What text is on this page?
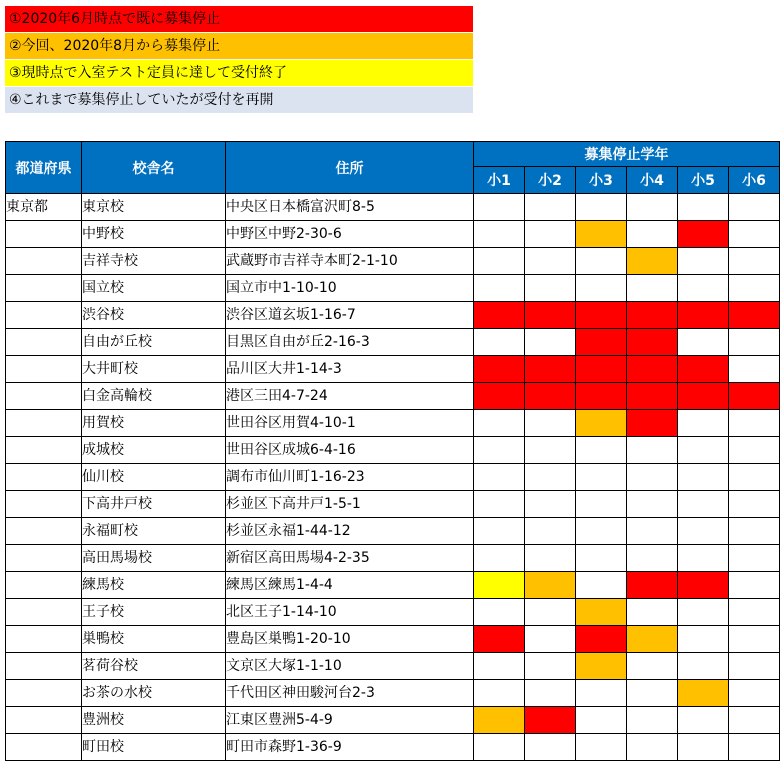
①2020年6月時点で既に募集停止
②今回、2020年8月から募集停止
③現時点で入室テスト定員に達して受付終了
④これまで募集停止していたが受付を再開
都道府県	校舎名	住所	募集停止学年					
			小1	小2	小3	小4	小5	小6
東京都	東京校	中央区日本橋富沢町8-5						
	中野校	中野区中野2-30-6						
	吉祥寺校	武蔵野市吉祥寺本町2-1-10						
	国立校	国立市中1-10-10						
	渋谷校	渋谷区道玄坂1-16-7						
	自由が丘校	目黒区自由が丘2-16-3						
	大井町校	品川区大井1-14-3						
	白金高輪校	港区三田4-7-24						
	用賀校	世田谷区用賀4-10-1						
	成城校	世田谷区成城6-4-16						
	仙川校	調布市仙川町1-16-23						
	下高井戸校	杉並区下高井戸1-5-1						
	永福町校	杉並区永福1-44-12						
	高田馬場校	新宿区高田馬場4-2-35						
	練馬校	練馬区練馬1-4-4						
	王子校	北区王子1-14-10						
	巣鴨校	豊島区巣鴨1-20-10						
	茗荷谷校	文京区大塚1-1-10						
	お茶の水校	千代田区神田駿河台2-3						
	豊洲校	江東区豊洲5-4-9						
	町田校	町田市森野1-36-9						
